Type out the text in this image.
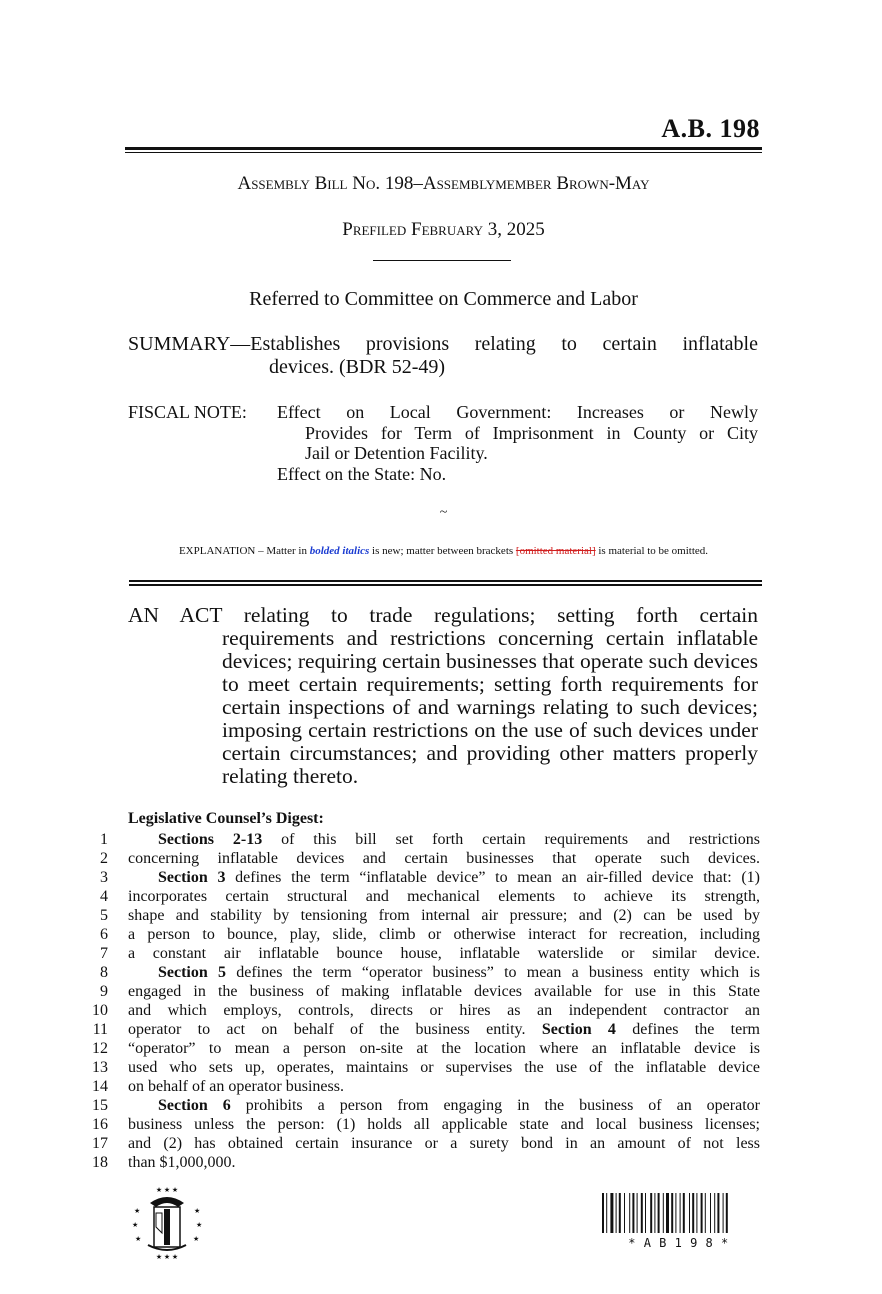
A.B. 198
Assembly Bill No. 198–Assemblymember Brown-May
Prefiled February 3, 2025
Referred to Committee on Commerce and Labor
SUMMARY—Establishes provisions relating to certain inflatable
devices. (BDR 52-49)
FISCAL NOTE:	Effect on Local Government: Increases or Newly
Provides for Term of Imprisonment in County or City
Jail or Detention Facility.
Effect on the State: No.
~
EXPLANATION – Matter in bolded italics is new; matter between brackets [omitted material] is material to be omitted.
AN ACT relating to trade regulations; setting forth certain
requirements and restrictions concerning certain inflatable devices; requiring certain businesses that operate such devices to meet certain requirements; setting forth requirements for certain inspections of and warnings relating to such devices; imposing certain restrictions on the use of such devices under certain circumstances; and providing other matters properly relating thereto.
Legislative Counsel’s Digest:
1	Sections 2-13 of this bill set forth certain requirements and restrictions
2	concerning inflatable devices and certain businesses that operate such devices.
3	Section 3 defines the term “inflatable device” to mean an air-filled device that: (1)
4	incorporates certain structural and mechanical elements to achieve its strength,
5	shape and stability by tensioning from internal air pressure; and (2) can be used by
6	a person to bounce, play, slide, climb or otherwise interact for recreation, including
7	a constant air inflatable bounce house, inflatable waterslide or similar device.
8	Section 5 defines the term “operator business” to mean a business entity which is
9	engaged in the business of making inflatable devices available for use in this State
10	and which employs, controls, directs or hires as an independent contractor an
11	operator to act on behalf of the business entity. Section 4 defines the term
12	“operator” to mean a person on-site at the location where an inflatable device is
13	used who sets up, operates, maintains or supervises the use of the inflatable device
14	on behalf of an operator business.
15	Section 6 prohibits a person from engaging in the business of an operator
16	business unless the person: (1) holds all applicable state and local business licenses;
17	and (2) has obtained certain insurance or a surety bond in an amount of not less
18	than $1,000,000.
★ ★ ★
★	★
★	★
★	★
★ ★ ★
* A B 1 9 8 *
